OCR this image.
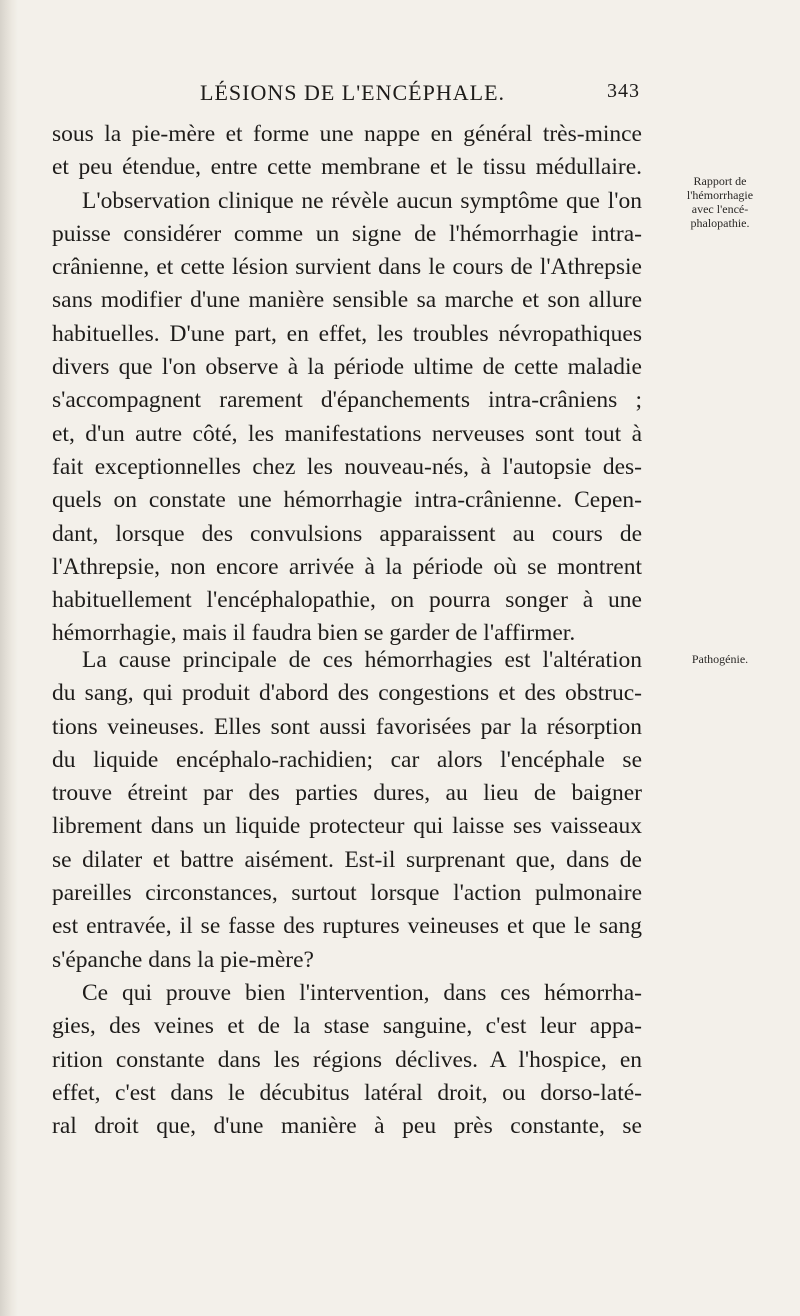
LÉSIONS DE L'ENCÉPHALE.	343
sous la pie-mère et forme une nappe en général très-mince
et peu étendue, entre cette membrane et le tissu médullaire.
L'observation clinique ne révèle aucun symptôme que l'on
puisse considérer comme un signe de l'hémorrhagie intra-
crânienne, et cette lésion survient dans le cours de l'Athrepsie
sans modifier d'une manière sensible sa marche et son allure
habituelles. D'une part, en effet, les troubles névropathiques
divers que l'on observe à la période ultime de cette maladie
s'accompagnent rarement d'épanchements intra-crâniens ;
et, d'un autre côté, les manifestations nerveuses sont tout à
fait exceptionnelles chez les nouveau-nés, à l'autopsie des-
quels on constate une hémorrhagie intra-crânienne. Cepen-
dant, lorsque des convulsions apparaissent au cours de
l'Athrepsie, non encore arrivée à la période où se montrent
habituellement l'encéphalopathie, on pourra songer à une
hémorrhagie, mais il faudra bien se garder de l'affirmer.
La cause principale de ces hémorrhagies est l'altération
du sang, qui produit d'abord des congestions et des obstruc-
tions veineuses. Elles sont aussi favorisées par la résorption
du liquide encéphalo-rachidien; car alors l'encéphale se
trouve étreint par des parties dures, au lieu de baigner
librement dans un liquide protecteur qui laisse ses vaisseaux
se dilater et battre aisément. Est-il surprenant que, dans de
pareilles circonstances, surtout lorsque l'action pulmonaire
est entravée, il se fasse des ruptures veineuses et que le sang
s'épanche dans la pie-mère?
Ce qui prouve bien l'intervention, dans ces hémorrha-
gies, des veines et de la stase sanguine, c'est leur appa-
rition constante dans les régions déclives. A l'hospice, en
effet, c'est dans le décubitus latéral droit, ou dorso-laté-
ral droit que, d'une manière à peu près constante, se
Rapport de
l'hémorrhagie
avec l'encé-
phalopathie.
Pathogénie.
